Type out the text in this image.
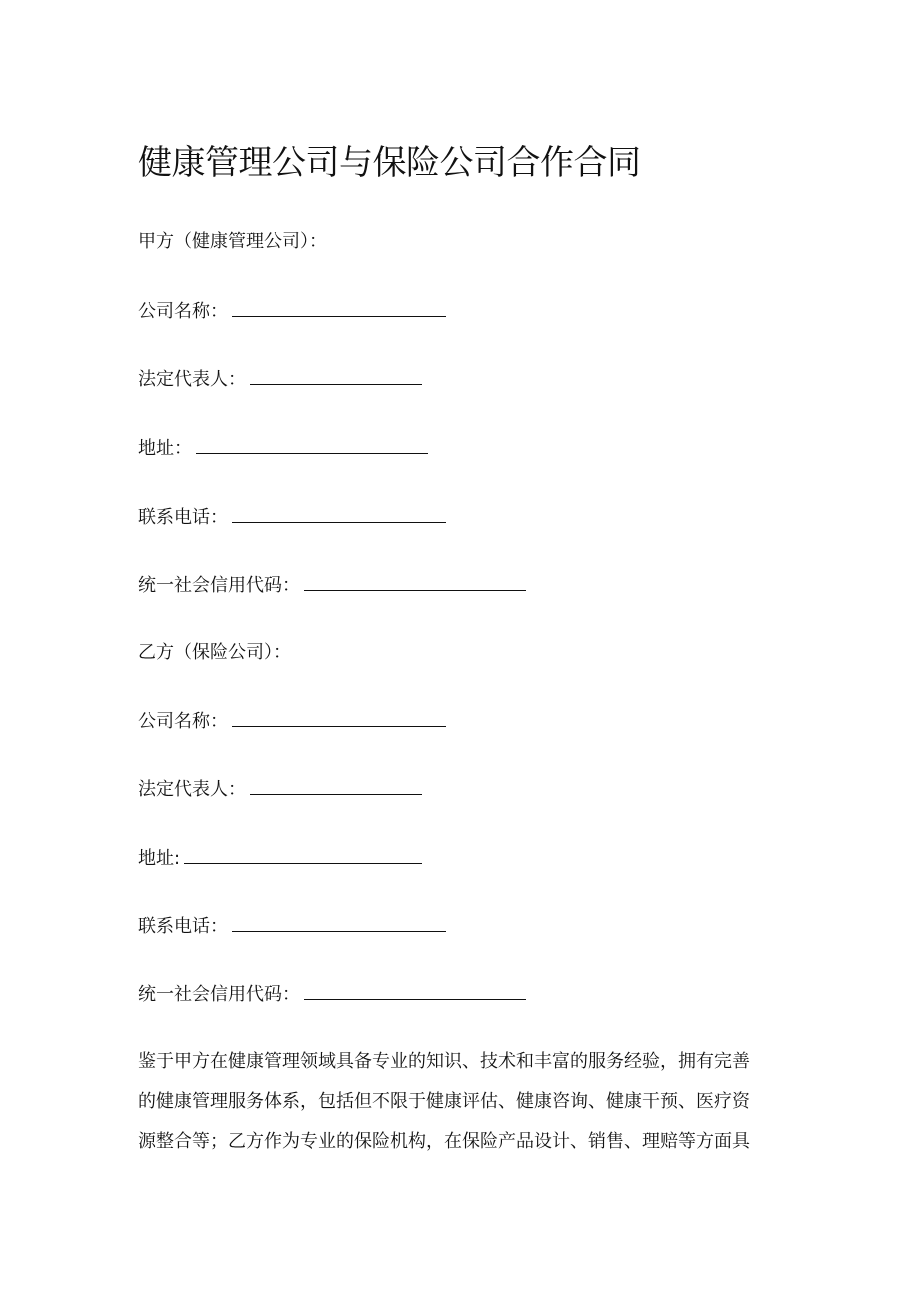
健康管理公司与保险公司合作合同
甲方（健康管理公司）：
公司名称：
法定代表人：
地址：
联系电话：
统一社会信用代码：
乙方（保险公司）：
公司名称：
法定代表人：
地址:
联系电话：
统一社会信用代码：
鉴于甲方在健康管理领域具备专业的知识、技术和丰富的服务经验，拥有完善
的健康管理服务体系，包括但不限于健康评估、健康咨询、健康干预、医疗资
源整合等；乙方作为专业的保险机构，在保险产品设计、销售、理赔等方面具
